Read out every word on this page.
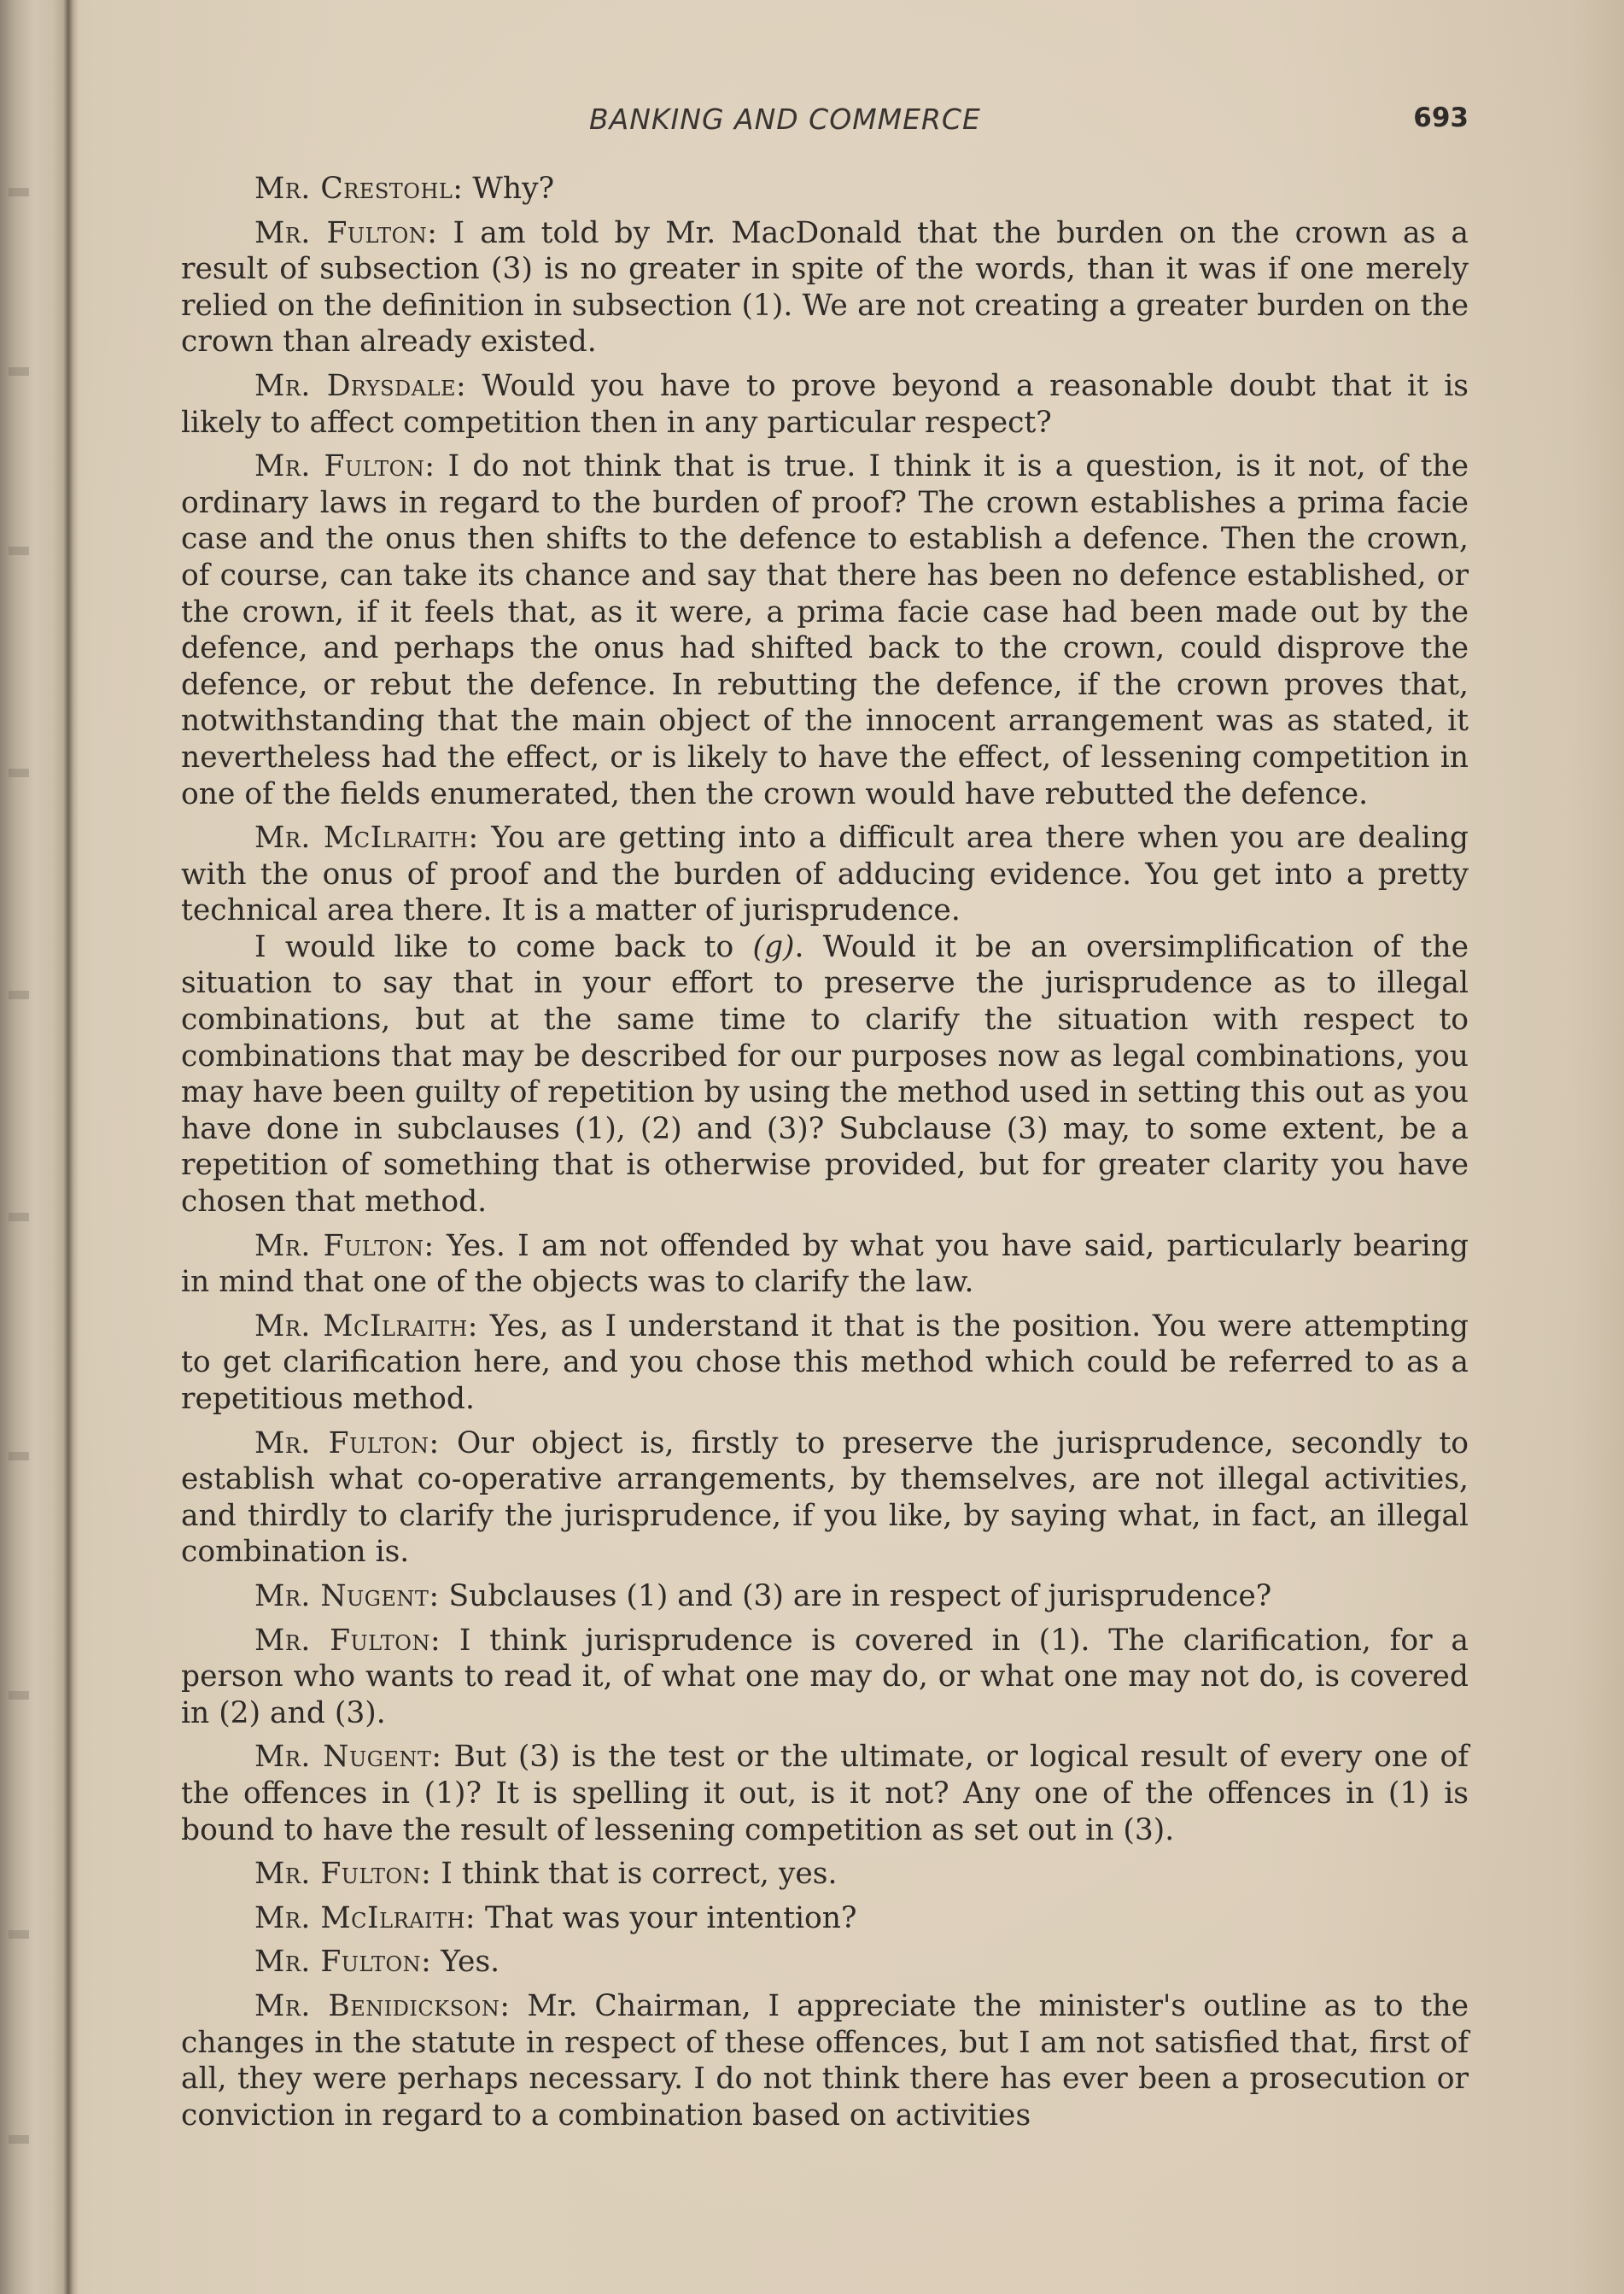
BANKING AND COMMERCE	693

Mr. Crestohl: Why?

Mr. Fulton: I am told by Mr. MacDonald that the burden on the crown as a result of subsection (3) is no greater in spite of the words, than it was if one merely relied on the definition in subsection (1). We are not creating a greater burden on the crown than already existed.

Mr. Drysdale: Would you have to prove beyond a reasonable doubt that it is likely to affect competition then in any particular respect?

Mr. Fulton: I do not think that is true. I think it is a question, is it not, of the ordinary laws in regard to the burden of proof? The crown establishes a prima facie case and the onus then shifts to the defence to establish a defence. Then the crown, of course, can take its chance and say that there has been no defence established, or the crown, if it feels that, as it were, a prima facie case had been made out by the defence, and perhaps the onus had shifted back to the crown, could disprove the defence, or rebut the defence. In rebutting the defence, if the crown proves that, notwithstanding that the main object of the innocent arrangement was as stated, it nevertheless had the effect, or is likely to have the effect, of lessening competition in one of the fields enumerated, then the crown would have rebutted the defence.

Mr. McIlraith: You are getting into a difficult area there when you are dealing with the onus of proof and the burden of adducing evidence. You get into a pretty technical area there. It is a matter of jurisprudence.

I would like to come back to (g). Would it be an oversimplification of the situation to say that in your effort to preserve the jurisprudence as to illegal combinations, but at the same time to clarify the situation with respect to combinations that may be described for our purposes now as legal combinations, you may have been guilty of repetition by using the method used in setting this out as you have done in subclauses (1), (2) and (3)? Subclause (3) may, to some extent, be a repetition of something that is otherwise provided, but for greater clarity you have chosen that method.

Mr. Fulton: Yes. I am not offended by what you have said, particularly bearing in mind that one of the objects was to clarify the law.

Mr. McIlraith: Yes, as I understand it that is the position. You were attempting to get clarification here, and you chose this method which could be referred to as a repetitious method.

Mr. Fulton: Our object is, firstly to preserve the jurisprudence, secondly to establish what co-operative arrangements, by themselves, are not illegal activities, and thirdly to clarify the jurisprudence, if you like, by saying what, in fact, an illegal combination is.

Mr. Nugent: Subclauses (1) and (3) are in respect of jurisprudence?

Mr. Fulton: I think jurisprudence is covered in (1). The clarification, for a person who wants to read it, of what one may do, or what one may not do, is covered in (2) and (3).

Mr. Nugent: But (3) is the test or the ultimate, or logical result of every one of the offences in (1)? It is spelling it out, is it not? Any one of the offences in (1) is bound to have the result of lessening competition as set out in (3).

Mr. Fulton: I think that is correct, yes.

Mr. McIlraith: That was your intention?

Mr. Fulton: Yes.

Mr. Benidickson: Mr. Chairman, I appreciate the minister's outline as to the changes in the statute in respect of these offences, but I am not satisfied that, first of all, they were perhaps necessary. I do not think there has ever been a prosecution or conviction in regard to a combination based on activities
